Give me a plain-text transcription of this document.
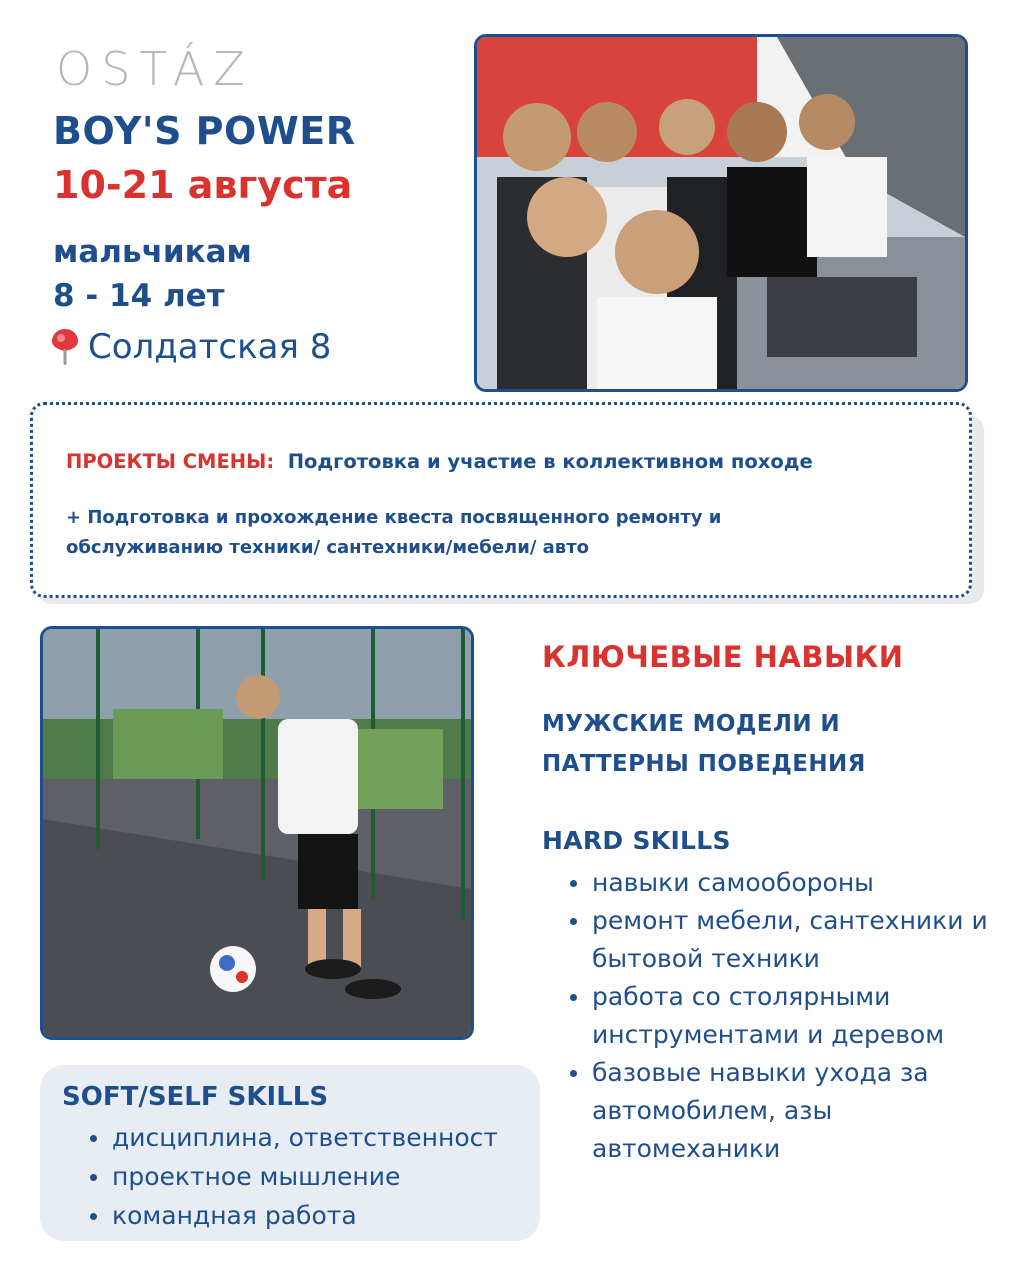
OSTÁZ
BOY'S POWER
10-21 августа
мальчикам
8 - 14 лет
Солдатская 8
ПРОЕКТЫ СМЕНЫ: Подготовка и участие в коллективном походе
+ Подготовка и прохождение квеста посвященного ремонту и обслуживанию техники/ сантехники/мебели/ авто
КЛЮЧЕВЫЕ НАВЫКИ
МУЖСКИЕ МОДЕЛИ И
ПАТТЕРНЫ ПОВЕДЕНИЯ
HARD SKILLS
навыки самообороны
ремонт мебели, сантехники и бытовой техники
работа со столярными инструментами и деревом
базовые навыки ухода за автомобилем, азы автомеханики
SOFT/SELF SKILLS
дисциплина, ответственност
проектное мышление
командная работа
